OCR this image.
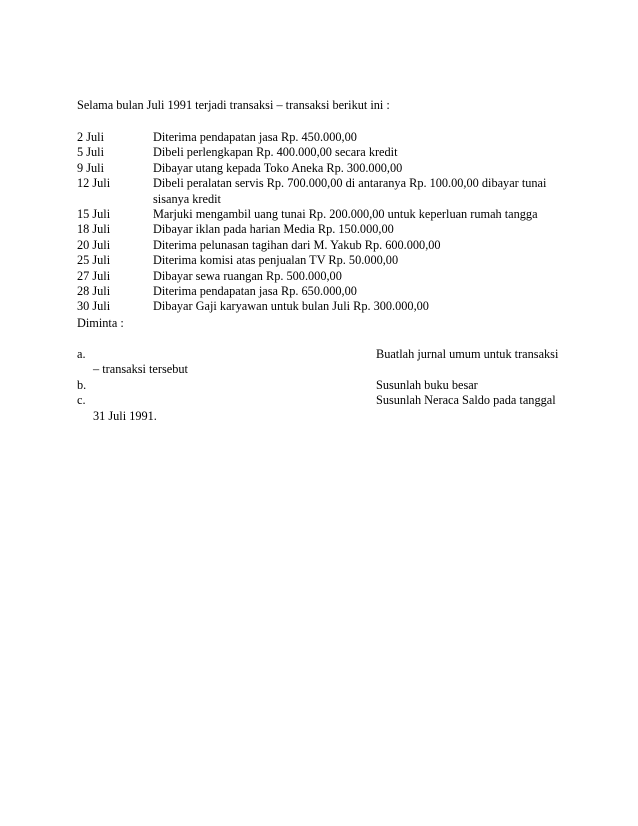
Selama bulan Juli 1991 terjadi transaksi – transaksi berikut ini :
2 Juli	Diterima pendapatan jasa Rp. 450.000,00
5 Juli	Dibeli perlengkapan Rp. 400.000,00 secara kredit
9 Juli	Dibayar utang kepada Toko Aneka Rp. 300.000,00
12 Juli	Dibeli peralatan servis Rp. 700.000,00 di antaranya Rp. 100.00,00 dibayar tunai
sisanya kredit
15 Juli	Marjuki mengambil uang tunai Rp. 200.000,00 untuk keperluan rumah tangga
18 Juli	Dibayar iklan pada harian Media Rp. 150.000,00
20 Juli	Diterima pelunasan tagihan dari M. Yakub Rp. 600.000,00
25 Juli	Diterima komisi atas penjualan TV Rp. 50.000,00
27 Juli	Dibayar sewa ruangan Rp. 500.000,00
28 Juli	Diterima pendapatan jasa Rp. 650.000,00
30 Juli	Dibayar Gaji karyawan untuk bulan Juli Rp. 300.000,00
Diminta :
a.	Buatlah jurnal umum untuk transaksi
– transaksi tersebut
b.	Susunlah buku besar
c.	Susunlah Neraca Saldo pada tanggal
31 Juli 1991.
